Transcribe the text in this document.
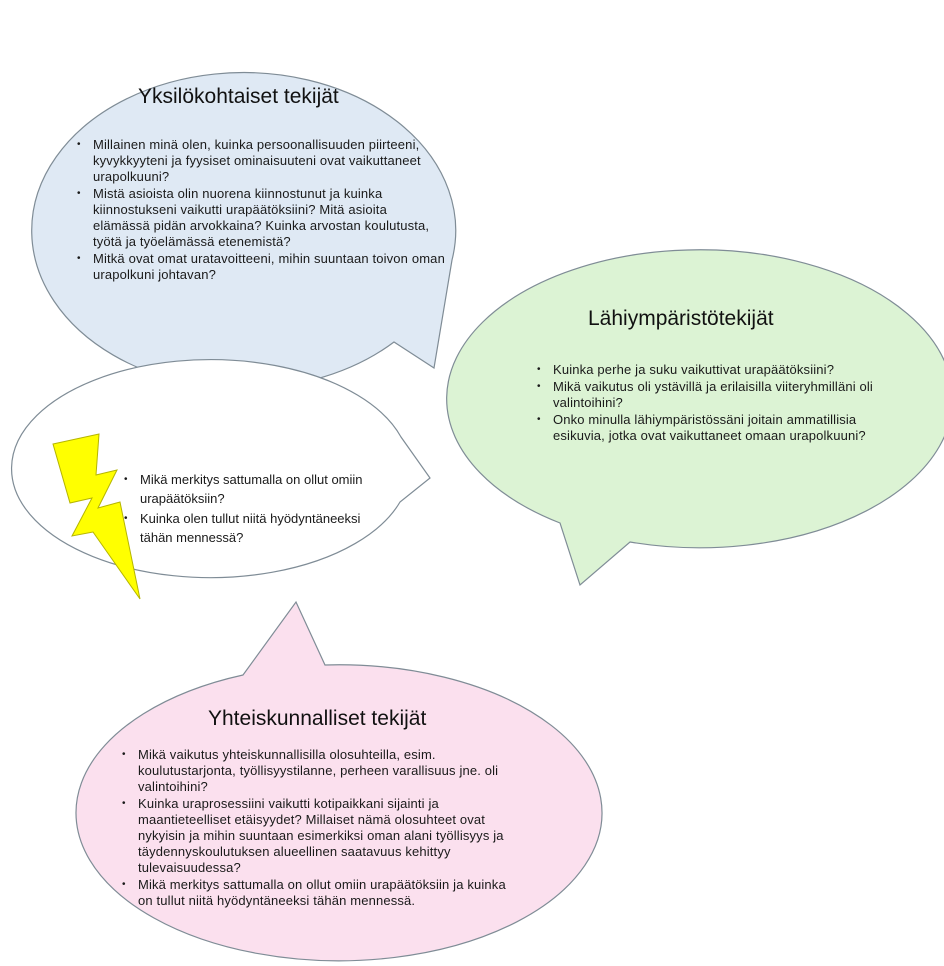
Yksilökohtaiset tekijät
• Millainen minä olen, kuinka persoonallisuuden piirteeni, kyvykkyyteni ja fyysiset ominaisuuteni ovat vaikuttaneet urapolkuuni?
• Mistä asioista olin nuorena kiinnostunut ja kuinka kiinnostukseni vaikutti urapäätöksiini? Mitä asioita elämässä pidän arvokkaina? Kuinka arvostan koulutusta, työtä ja työelämässä etenemistä?
• Mitkä ovat omat uratavoitteeni, mihin suuntaan toivon oman urapolkuni johtavan?
Lähiympäristötekijät
• Kuinka perhe ja suku vaikuttivat urapäätöksiini?
• Mikä vaikutus oli ystävillä ja erilaisilla viiteryhmilläni oli valintoihini?
• Onko minulla lähiympäristössäni joitain ammatillisia esikuvia, jotka ovat vaikuttaneet omaan urapolkuuni?
• Mikä merkitys sattumalla on ollut omiin urapäätöksiin?
• Kuinka olen tullut niitä hyödyntäneeksi tähän mennessä?
Yhteiskunnalliset tekijät
• Mikä vaikutus yhteiskunnallisilla olosuhteilla, esim. koulutustarjonta, työllisyystilanne, perheen varallisuus jne. oli valintoihini?
• Kuinka uraprosessiini vaikutti kotipaikkani sijainti ja maantieteelliset etäisyydet? Millaiset nämä olosuhteet ovat nykyisin ja mihin suuntaan esimerkiksi oman alani työllisyys ja täydennyskoulutuksen alueellinen saatavuus kehittyy tulevaisuudessa?
• Mikä merkitys sattumalla on ollut omiin urapäätöksiin ja kuinka on tullut niitä hyödyntäneeksi tähän mennessä.
